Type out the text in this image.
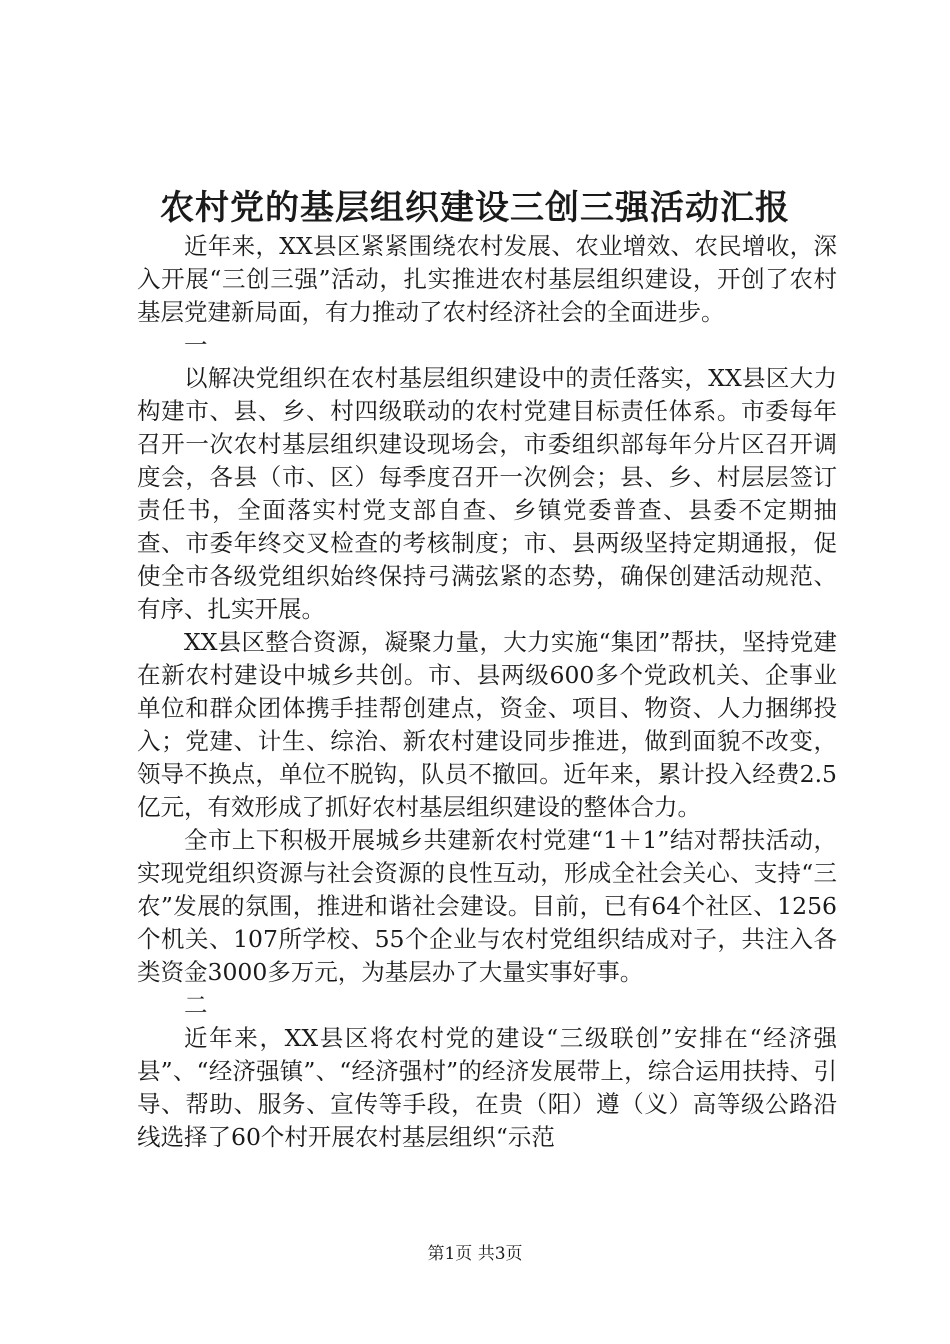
农村党的基层组织建设三创三强活动汇报

近年来，XX县区紧紧围绕农村发展、农业增效、农民增收，深入开展“三创三强”活动，扎实推进农村基层组织建设，开创了农村基层党建新局面，有力推动了农村经济社会的全面进步。

一

以解决党组织在农村基层组织建设中的责任落实，XX县区大力构建市、县、乡、村四级联动的农村党建目标责任体系。市委每年召开一次农村基层组织建设现场会，市委组织部每年分片区召开调度会，各县（市、区）每季度召开一次例会；县、乡、村层层签订责任书，全面落实村党支部自查、乡镇党委普查、县委不定期抽查、市委年终交叉检查的考核制度；市、县两级坚持定期通报，促使全市各级党组织始终保持弓满弦紧的态势，确保创建活动规范、有序、扎实开展。

XX县区整合资源，凝聚力量，大力实施“集团”帮扶，坚持党建在新农村建设中城乡共创。市、县两级600多个党政机关、企事业单位和群众团体携手挂帮创建点，资金、项目、物资、人力捆绑投入；党建、计生、综治、新农村建设同步推进，做到面貌不改变，领导不换点，单位不脱钩，队员不撤回。近年来，累计投入经费2.5亿元，有效形成了抓好农村基层组织建设的整体合力。

全市上下积极开展城乡共建新农村党建“1＋1”结对帮扶活动，实现党组织资源与社会资源的良性互动，形成全社会关心、支持“三农”发展的氛围，推进和谐社会建设。目前，已有64个社区、1256个机关、107所学校、55个企业与农村党组织结成对子，共注入各类资金3000多万元，为基层办了大量实事好事。

二

近年来，XX县区将农村党的建设“三级联创”安排在“经济强县”、“经济强镇”、“经济强村”的经济发展带上，综合运用扶持、引导、帮助、服务、宣传等手段，在贵（阳）遵（义）高等级公路沿线选择了60个村开展农村基层组织“示范

第1页 共3页
